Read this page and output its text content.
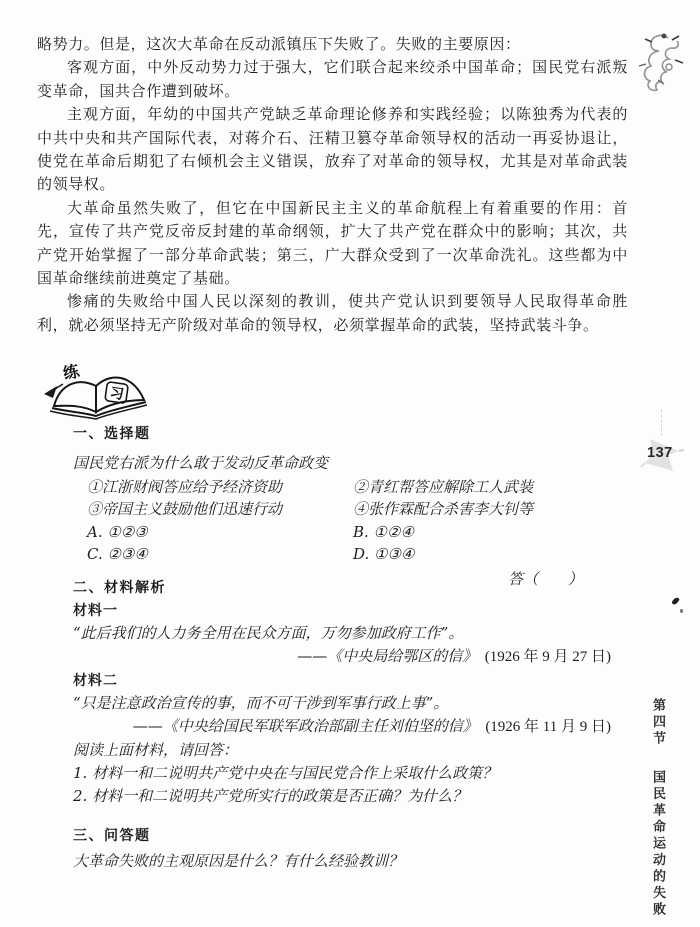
略势力。但是，这次大革命在反动派镇压下失败了。失败的主要原因：

客观方面，中外反动势力过于强大，它们联合起来绞杀中国革命；国民党右派叛变革命，国共合作遭到破坏。

主观方面，年幼的中国共产党缺乏革命理论修养和实践经验；以陈独秀为代表的中共中央和共产国际代表，对蒋介石、汪精卫篡夺革命领导权的活动一再妥协退让，使党在革命后期犯了右倾机会主义错误，放弃了对革命的领导权，尤其是对革命武装的领导权。

大革命虽然失败了，但它在中国新民主主义的革命航程上有着重要的作用：首先，宣传了共产党反帝反封建的革命纲领，扩大了共产党在群众中的影响；其次，共产党开始掌握了一部分革命武装；第三，广大群众受到了一次革命洗礼。这些都为中国革命继续前进奠定了基础。

惨痛的失败给中国人民以深刻的教训，使共产党认识到要领导人民取得革命胜利，就必须坚持无产阶级对革命的领导权，必须掌握革命的武装，坚持武装斗争。

练
习
一、选择题
国民党右派为什么敢于发动反革命政变
①江浙财阀答应给予经济资助	②青红帮答应解除工人武装
③帝国主义鼓励他们迅速行动	④张作霖配合杀害李大钊等
A. ①②③	B. ①②④
C. ②③④	D. ①③④
答（　　）
二、材料解析
材料一
“此后我们的人力务全用在民众方面，万勿参加政府工作”。
——《中央局给鄂区的信》　 (1926 年 9 月 27 日)
材料二
“只是注意政治宣传的事，而不可干涉到军事行政上事”。
——《中央给国民军联军政治部副主任刘伯坚的信》　 (1926 年 11 月 9 日)
阅读上面材料，请回答：
1. 材料一和二说明共产党中央在与国民党合作上采取什么政策？
2. 材料一和二说明共产党所实行的政策是否正确？为什么？
三、问答题
大革命失败的主观原因是什么？有什么经验教训？
137
第四节 国民革命运动的失败
